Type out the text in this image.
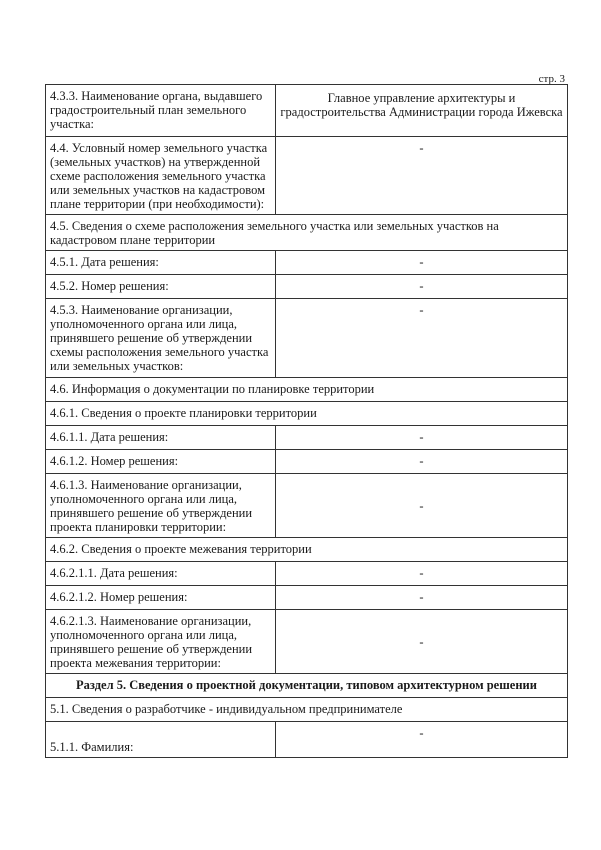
стр. 3
4.3.3. Наименование органа, выдавшего градостроительный план земельного участка:	Главное управление архитектуры и градостроительства Администрации города Ижевска
4.4. Условный номер земельного участка (земельных участков) на утвержденной схеме расположения земельного участка или земельных участков на кадастровом плане территории (при необходимости):	-
4.5. Сведения о схеме расположения земельного участка или земельных участков на кадастровом плане территории	
4.5.1. Дата решения:	-
4.5.2. Номер решения:	-
4.5.3. Наименование организации, уполномоченного органа или лица, принявшего решение об утверждении схемы расположения земельного участка или земельных участков:	-
4.6. Информация о документации по планировке территории	
4.6.1. Сведения о проекте планировки территории	
4.6.1.1. Дата решения:	-
4.6.1.2. Номер решения:	-
4.6.1.3. Наименование организации, уполномоченного органа или лица, принявшего решение об утверждении проекта планировки территории:	-
4.6.2. Сведения о проекте межевания территории	
4.6.2.1.1. Дата решения:	-
4.6.2.1.2. Номер решения:	-
4.6.2.1.3. Наименование организации, уполномоченного органа или лица, принявшего решение об утверждении проекта межевания территории:	-
Раздел 5. Сведения о проектной документации, типовом архитектурном решении	
5.1. Сведения о разработчике - индивидуальном предпринимателе	
5.1.1. Фамилия:	-
